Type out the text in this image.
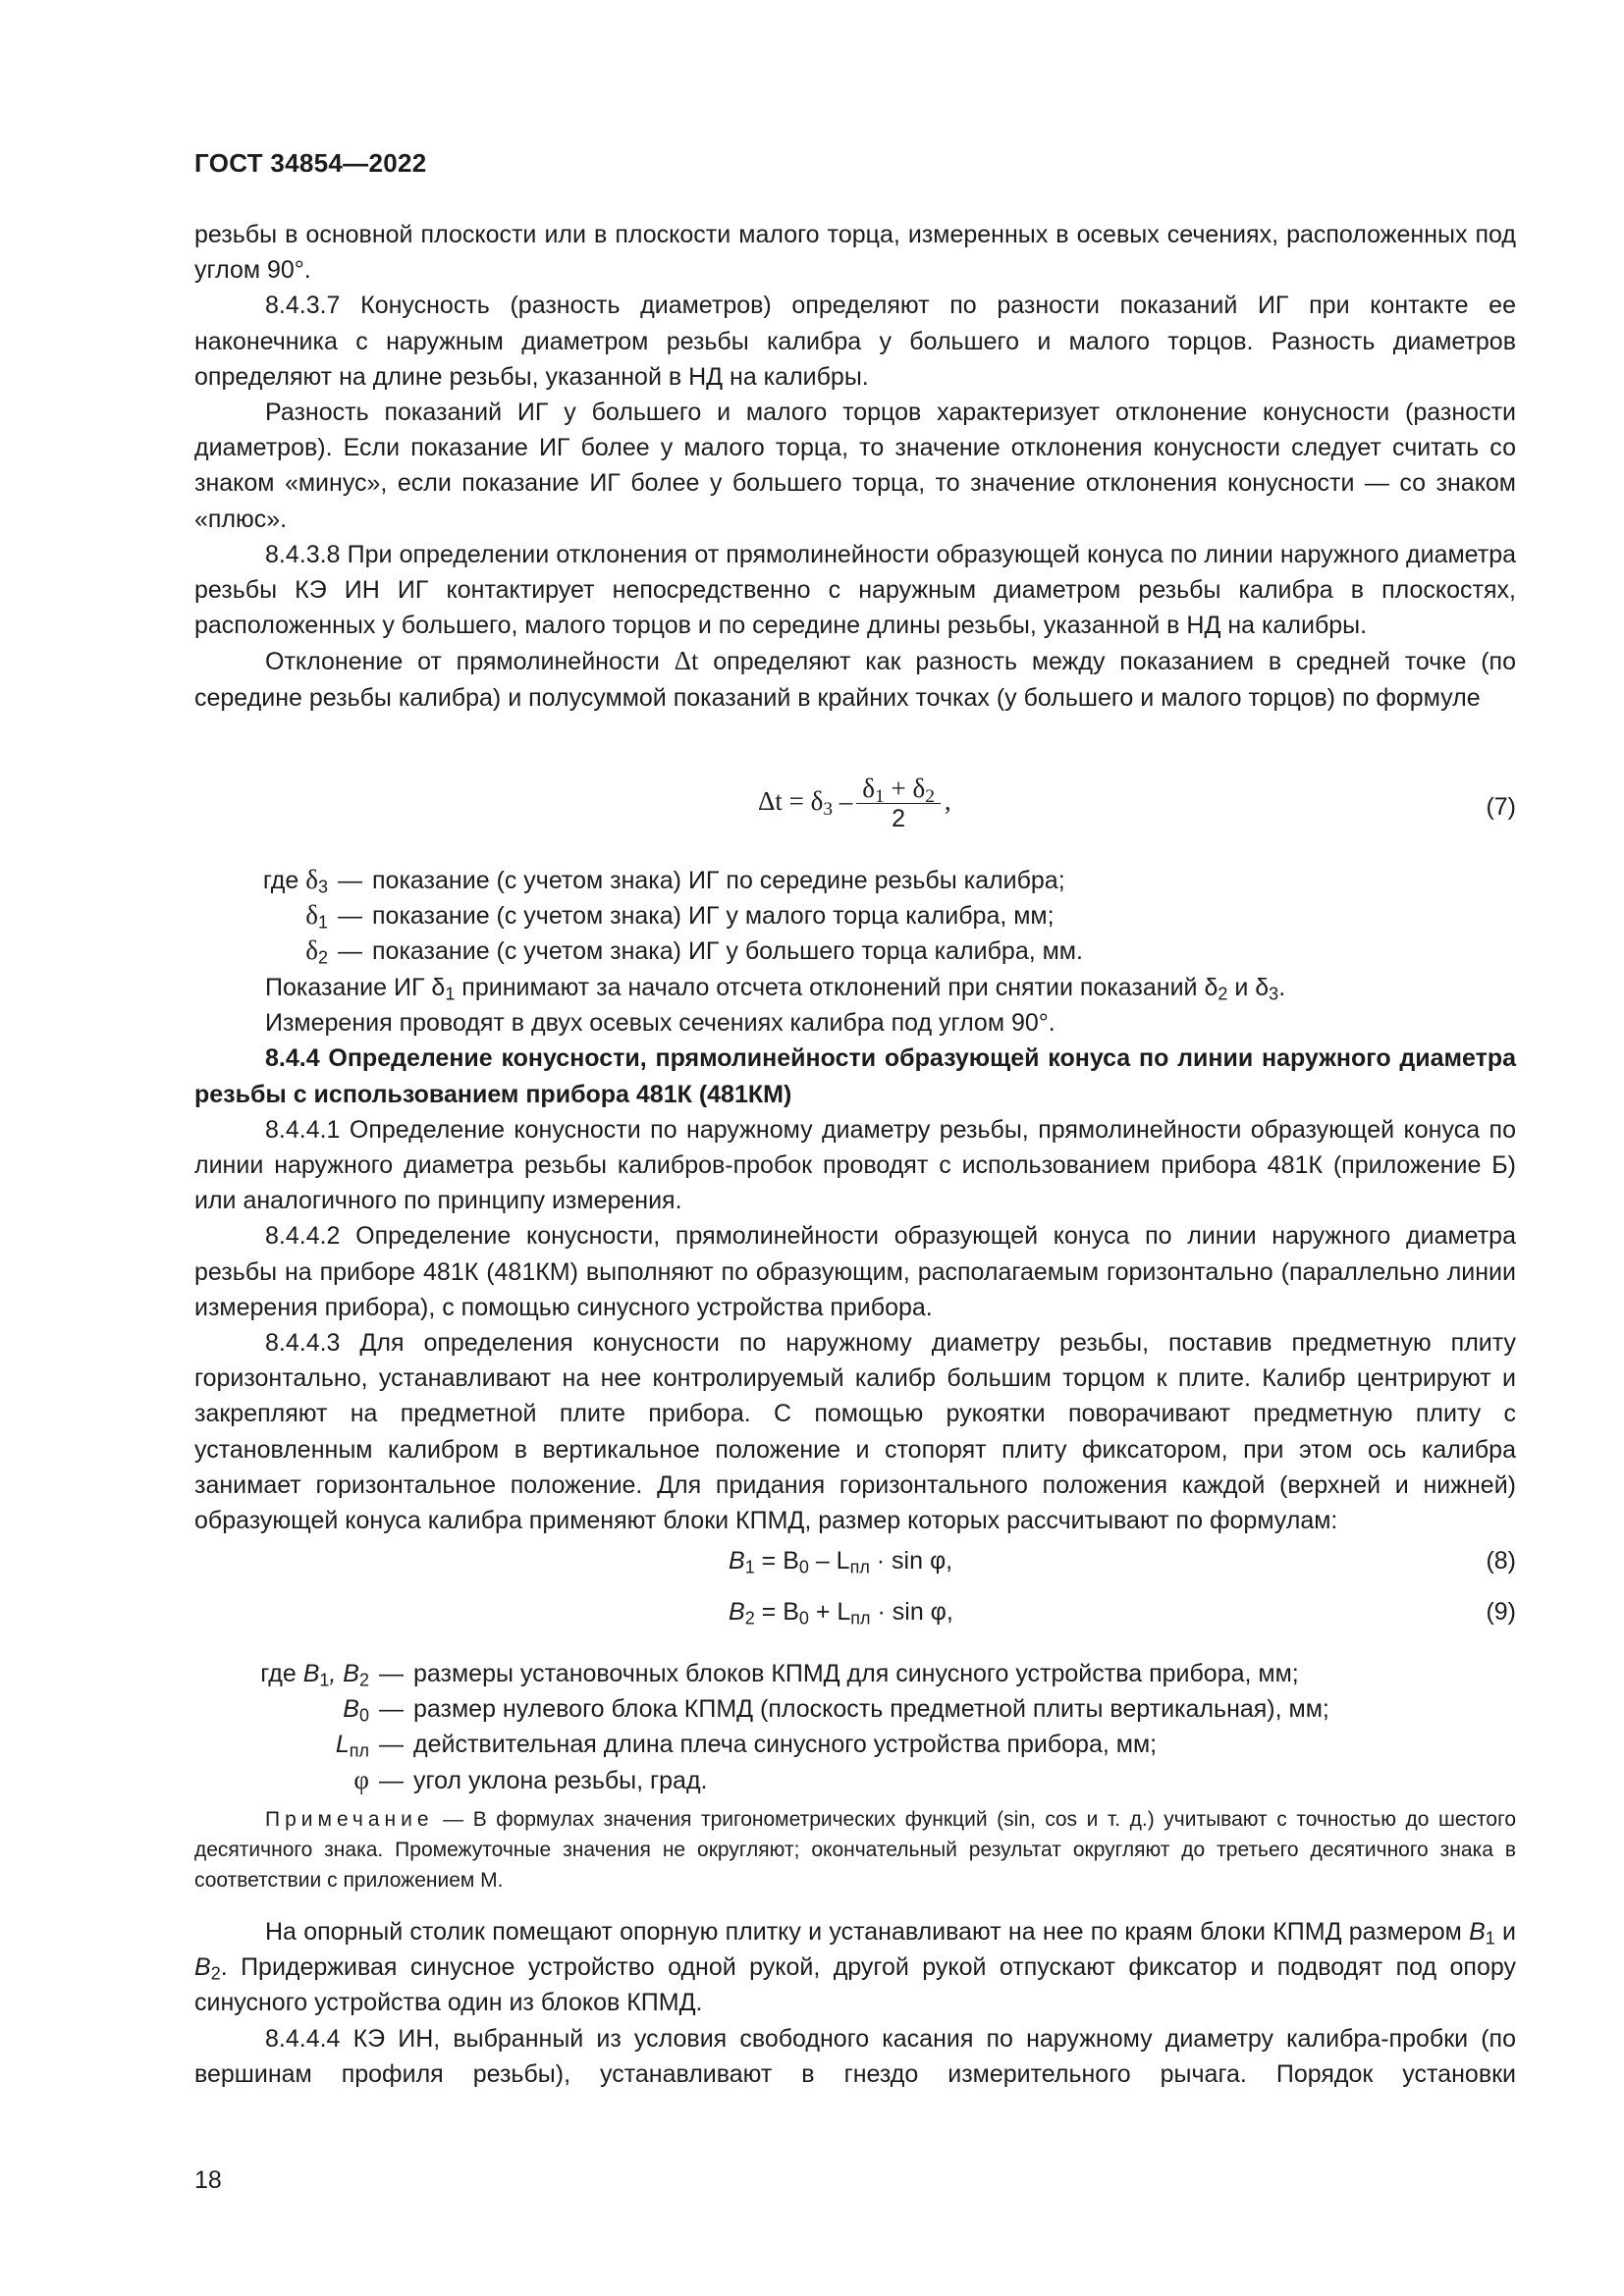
ГОСТ 34854—2022

резьбы в основной плоскости или в плоскости малого торца, измеренных в осевых сечениях, расположенных под углом 90°.

8.4.3.7 Конусность (разность диаметров) определяют по разности показаний ИГ при контакте ее наконечника с наружным диаметром резьбы калибра у большего и малого торцов. Разность диаметров определяют на длине резьбы, указанной в НД на калибры.

Разность показаний ИГ у большего и малого торцов характеризует отклонение конусности (разности диаметров). Если показание ИГ более у малого торца, то значение отклонения конусности следует считать со знаком «минус», если показание ИГ более у большего торца, то значение отклонения конусности — со знаком «плюс».

8.4.3.8 При определении отклонения от прямолинейности образующей конуса по линии наружного диаметра резьбы КЭ ИН ИГ контактирует непосредственно с наружным диаметром резьбы калибра в плоскостях, расположенных у большего, малого торцов и по середине длины резьбы, указанной в НД на калибры.

Отклонение от прямолинейности Δt определяют как разность между показанием в средней точке (по середине резьбы калибра) и полусуммой показаний в крайних точках (у большего и малого торцов) по формуле

$\Delta t = \delta_3 - \frac{\delta_1 + \delta_2}{2}$ ,	(7)
где $\delta_3$ — показание (с учетом знака) ИГ по середине резьбы калибра;
$\delta_1$ — показание (с учетом знака) ИГ у малого торца калибра, мм;
$\delta_2$ — показание (с учетом знака) ИГ у большего торца калибра, мм.

Показание ИГ $\delta_1$ принимают за начало отсчета отклонений при снятии показаний $\delta_2$ и $\delta_3$.

Измерения проводят в двух осевых сечениях калибра под углом 90°.

8.4.4 Определение конусности, прямолинейности образующей конуса по линии наружного диаметра резьбы с использованием прибора 481К (481КМ)

8.4.4.1 Определение конусности по наружному диаметру резьбы, прямолинейности образующей конуса по линии наружного диаметра резьбы калибров-пробок проводят с использованием прибора 481К (приложение Б) или аналогичного по принципу измерения.

8.4.4.2 Определение конусности, прямолинейности образующей конуса по линии наружного диаметра резьбы на приборе 481К (481КМ) выполняют по образующим, располагаемым горизонтально (параллельно линии измерения прибора), с помощью синусного устройства прибора.

8.4.4.3 Для определения конусности по наружному диаметру резьбы, поставив предметную плиту горизонтально, устанавливают на нее контролируемый калибр большим торцом к плите. Калибр центрируют и закрепляют на предметной плите прибора. С помощью рукоятки поворачивают предметную плиту с установленным калибром в вертикальное положение и стопорят плиту фиксатором, при этом ось калибра занимает горизонтальное положение. Для придания горизонтального положения каждой (верхней и нижней) образующей конуса калибра применяют блоки КПМД, размер которых рассчитывают по формулам:

$B_1 = B_0 - L_{пл} \cdot \sin \varphi$,	(8)
$B_2 = B_0 + L_{пл} \cdot \sin \varphi$,	(9)
где $B_1$, $B_2$ — размеры установочных блоков КПМД для синусного устройства прибора, мм;
$B_0$ — размер нулевого блока КПМД (плоскость предметной плиты вертикальная), мм;
$L_{пл}$ — действительная длина плеча синусного устройства прибора, мм;
φ — угол уклона резьбы, град.

Примечание — В формулах значения тригонометрических функций (sin, cos и т. д.) учитывают с точностью до шестого десятичного знака. Промежуточные значения не округляют; окончательный результат округляют до третьего десятичного знака в соответствии с приложением М.

На опорный столик помещают опорную плитку и устанавливают на нее по краям блоки КПМД размером $B_1$ и $B_2$. Придерживая синусное устройство одной рукой, другой рукой отпускают фиксатор и подводят под опору синусного устройства один из блоков КПМД.

8.4.4.4 КЭ ИН, выбранный из условия свободного касания по наружному диаметру калибра-пробки (по вершинам профиля резьбы), устанавливают в гнездо измерительного рычага. Порядок установки

18
